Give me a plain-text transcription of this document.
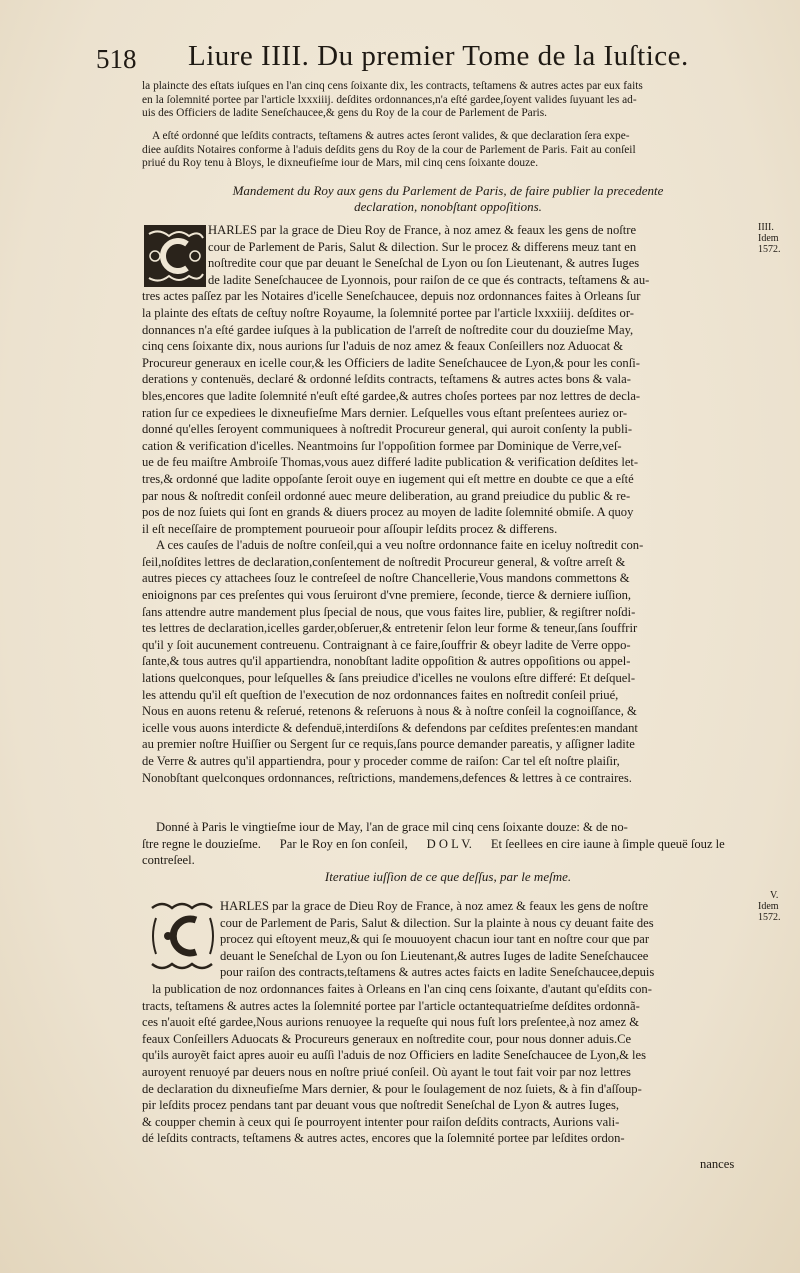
518 Liure IIII. Du premier Tome de la Iuſtice.
la plaincte des eſtats iuſques en l'an cinq cens ſoixante dix, les contracts, teſtamens & autres actes par eux faits
en la ſolemnité portee par l'article lxxxiiij. deſdites ordonnances,n'a eſté gardee,ſoyent valides ſuyuant les ad-
uis des Officiers de ladite Seneſchaucee,& gens du Roy de la cour de Parlement de Paris.
A eſté ordonné que leſdits contracts, teſtamens & autres actes ſeront valides, & que declaration ſera expe-
diee auſdits Notaires conforme à l'aduis deſdits gens du Roy de la cour de Parlement de Paris. Fait au conſeil
priué du Roy tenu à Bloys, le dixneufieſme iour de Mars, mil cinq cens ſoixante douze.
Mandement du Roy aux gens du Parlement de Paris, de faire publier la precedente
declaration, nonobſtant oppoſitions.
IIII.
Idem 1572.
HARLES par la grace de Dieu Roy de France, à noz amez & feaux les gens de noſtre
cour de Parlement de Paris, Salut & dilection. Sur le procez & differens meuz tant en
noſtredite cour que par deuant le Seneſchal de Lyon ou ſon Lieutenant, & autres Iuges
de ladite Seneſchaucee de Lyonnois, pour raiſon de ce que és contracts, teſtamens & au-
tres actes paſſez par les Notaires d'icelle Seneſchaucee, depuis noz ordonnances faites à Orleans ſur
la plainte des eſtats de ceſtuy noſtre Royaume, la ſolemnité portee par l'article lxxxiiij. deſdites or-
donnances n'a eſté gardee iuſques à la publication de l'arreſt de noſtredite cour du douzieſme May,
cinq cens ſoixante dix, nous aurions ſur l'aduis de noz amez & feaux Conſeillers noz Aduocat &
Procureur generaux en icelle cour,& les Officiers de ladite Seneſchaucee de Lyon,& pour les conſi-
derations y contenuës, declaré & ordonné leſdits contracts, teſtamens & autres actes bons & vala-
bles,encores que ladite ſolemnité n'euſt eſté gardee,& autres choſes portees par noz lettres de decla-
ration ſur ce expediees le dixneufieſme Mars dernier. Leſquelles vous eſtant preſentees auriez or-
donné qu'elles ſeroyent communiquees à noſtredit Procureur general, qui auroit conſenty la publi-
cation & verification d'icelles. Neantmoins ſur l'oppoſition formee par Dominique de Verre,veſ-
ue de feu maiſtre Ambroiſe Thomas,vous auez differé ladite publication & verification deſdites let-
tres,& ordonné que ladite oppoſante ſeroit ouye en iugement qui eſt mettre en doubte ce que a eſté
par nous & noſtredit conſeil ordonné auec meure deliberation, au grand preiudice du public & re-
pos de noz ſuiets qui ſont en grands & diuers procez au moyen de ladite ſolemnité obmiſe. A quoy
il eſt neceſſaire de promptement pourueoir pour aſſoupir leſdits procez & differens.
A ces cauſes de l'aduis de noſtre conſeil,qui a veu noſtre ordonnance faite en iceluy noſtredit con-
ſeil,noſdites lettres de declaration,conſentement de noſtredit Procureur general, & voſtre arreſt &
autres pieces cy attachees ſouz le contreſeel de noſtre Chancellerie,Vous mandons commettons &
enioignons par ces preſentes qui vous ſeruiront d'vne premiere, ſeconde, tierce & derniere iuſſion,
ſans attendre autre mandement plus ſpecial de nous, que vous faites lire, publier, & regiſtrer noſdi-
tes lettres de declaration,icelles garder,obſeruer,& entretenir ſelon leur forme & teneur,ſans ſouffrir
qu'il y ſoit aucunement contreuenu. Contraignant à ce faire,ſouffrir & obeyr ladite de Verre oppo-
ſante,& tous autres qu'il appartiendra, nonobſtant ladite oppoſition & autres oppoſitions ou appel-
lations quelconques, pour leſquelles & ſans preiudice d'icelles ne voulons eſtre differé: Et deſquel-
les attendu qu'il eſt queſtion de l'execution de noz ordonnances faites en noſtredit conſeil priué,
Nous en auons retenu & reſerué, retenons & reſeruons à nous & à noſtre conſeil la cognoiſſance, &
icelle vous auons interdicte & defenduë,interdiſons & defendons par ceſdites preſentes:en mandant
au premier noſtre Huiſſier ou Sergent ſur ce requis,ſans pource demander pareatis, y aſſigner ladite
de Verre & autres qu'il appartiendra, pour y proceder comme de raiſon: Car tel eſt noſtre plaiſir,
Nonobſtant quelconques ordonnances, reſtrictions, mandemens,defences & lettres à ce contraires.
Donné à Paris le vingtieſme iour de May, l'an de grace mil cinq cens ſoixante douze: & de no- ſtre regne le douzieſme.      Par le Roy en ſon conſeil,      D O L V.      Et ſeellees en cire iaune à ſimple queuë ſouz le contreſeel.
Iteratiue iuſſion de ce que deſſus, par le meſme.
V.
Idem 1572.
HARLES par la grace de Dieu Roy de France, à noz amez & feaux les gens de noſtre
cour de Parlement de Paris, Salut & dilection. Sur la plainte à nous cy deuant faite des
procez qui eſtoyent meuz,& qui ſe mouuoyent chacun iour tant en noſtre cour que par
deuant le Seneſchal de Lyon ou ſon Lieutenant,& autres Iuges de ladite Seneſchaucee
pour raiſon des contracts,teſtamens & autres actes faicts en ladite Seneſchaucee,depuis
la publication de noz ordonnances faites à Orleans en l'an cinq cens ſoixante, d'autant qu'eſdits con-
tracts, teſtamens & autres actes la ſolemnité portee par l'article octantequatrieſme deſdites ordonnã-
ces n'auoit eſté gardee,Nous aurions renuoyee la requeſte qui nous fuſt lors preſentee,à noz amez &
feaux Conſeillers Aduocats & Procureurs generaux en noſtredite cour, pour nous donner aduis.Ce
qu'ils auroyẽt faict apres auoir eu auſſi l'aduis de noz Officiers en ladite Seneſchaucee de Lyon,& les
auroyent renuoyé par deuers nous en noſtre priué conſeil. Où ayant le tout fait voir par noz lettres
de declaration du dixneufieſme Mars dernier, & pour le ſoulagement de noz ſuiets, & à fin d'aſſoup-
pir leſdits procez pendans tant par deuant vous que noſtredit Seneſchal de Lyon & autres Iuges,
& coupper chemin à ceux qui ſe pourroyent intenter pour raiſon deſdits contracts, Aurions vali-
dé leſdits contracts, teſtamens & autres actes, encores que la ſolemnité portee par leſdites ordon-
nances
